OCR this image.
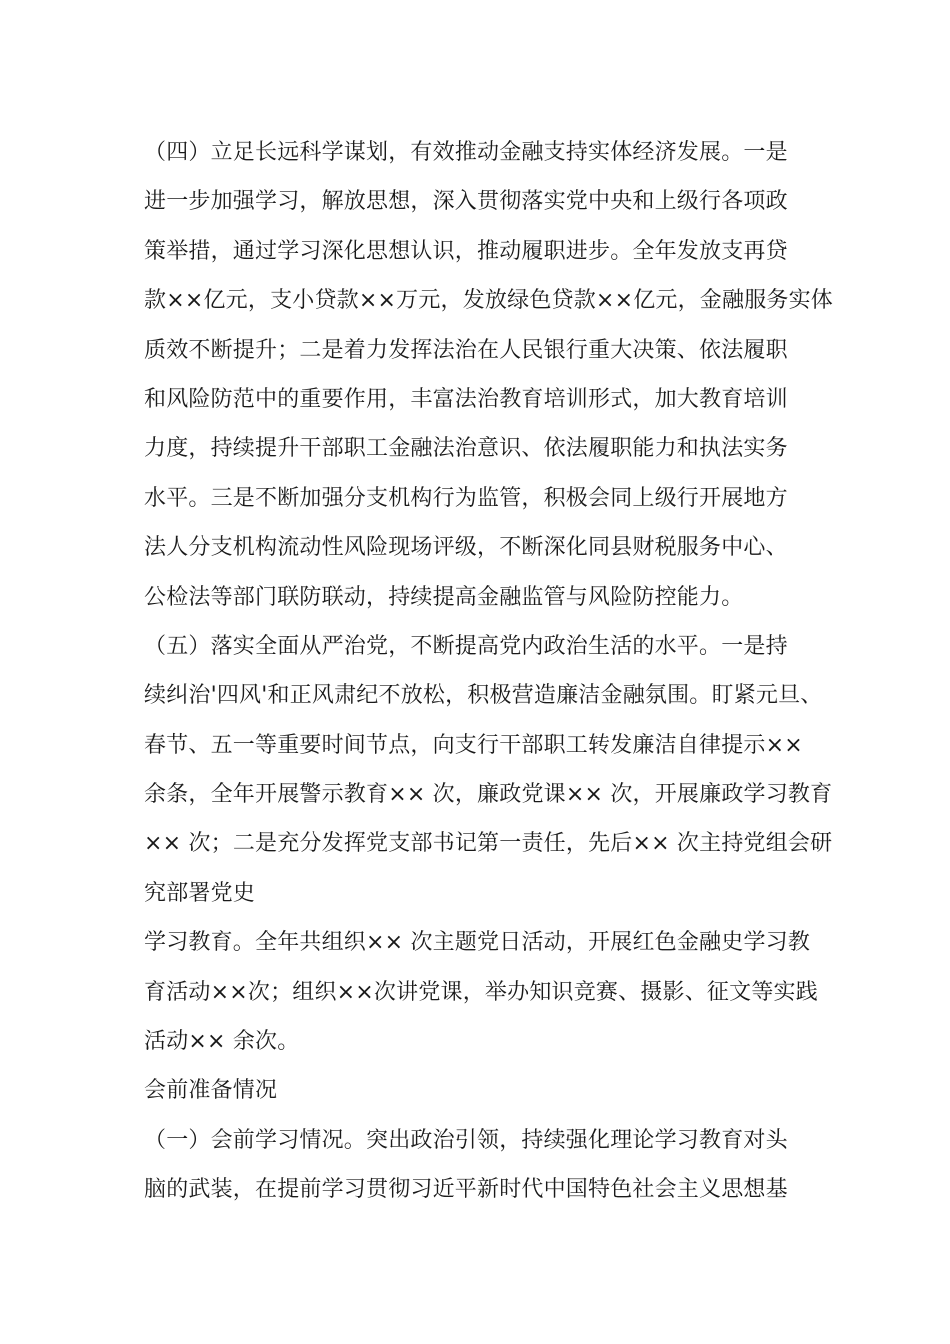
（四）立足长远科学谋划，有效推动金融支持实体经济发展。一是
进一步加强学习，解放思想，深入贯彻落实党中央和上级行各项政
策举措，通过学习深化思想认识，推动履职进步。全年发放支再贷
款××亿元，支小贷款××万元，发放绿色贷款××亿元，金融服务实体
质效不断提升；二是着力发挥法治在人民银行重大决策、依法履职
和风险防范中的重要作用，丰富法治教育培训形式，加大教育培训
力度，持续提升干部职工金融法治意识、依法履职能力和执法实务
水平。三是不断加强分支机构行为监管，积极会同上级行开展地方
法人分支机构流动性风险现场评级，不断深化同县财税服务中心、
公检法等部门联防联动，持续提高金融监管与风险防控能力。
（五）落实全面从严治党，不断提高党内政治生活的水平。一是持
续纠治'四风'和正风肃纪不放松，积极营造廉洁金融氛围。盯紧元旦、
春节、五一等重要时间节点，向支行干部职工转发廉洁自律提示××
余条，全年开展警示教育×× 次，廉政党课×× 次，开展廉政学习教育
×× 次；二是充分发挥党支部书记第一责任，先后×× 次主持党组会研
究部署党史
学习教育。全年共组织×× 次主题党日活动，开展红色金融史学习教
育活动××次；组织××次讲党课，举办知识竞赛、摄影、征文等实践
活动×× 余次。
会前准备情况
（一）会前学习情况。突出政治引领，持续强化理论学习教育对头
脑的武装，在提前学习贯彻习近平新时代中国特色社会主义思想基
